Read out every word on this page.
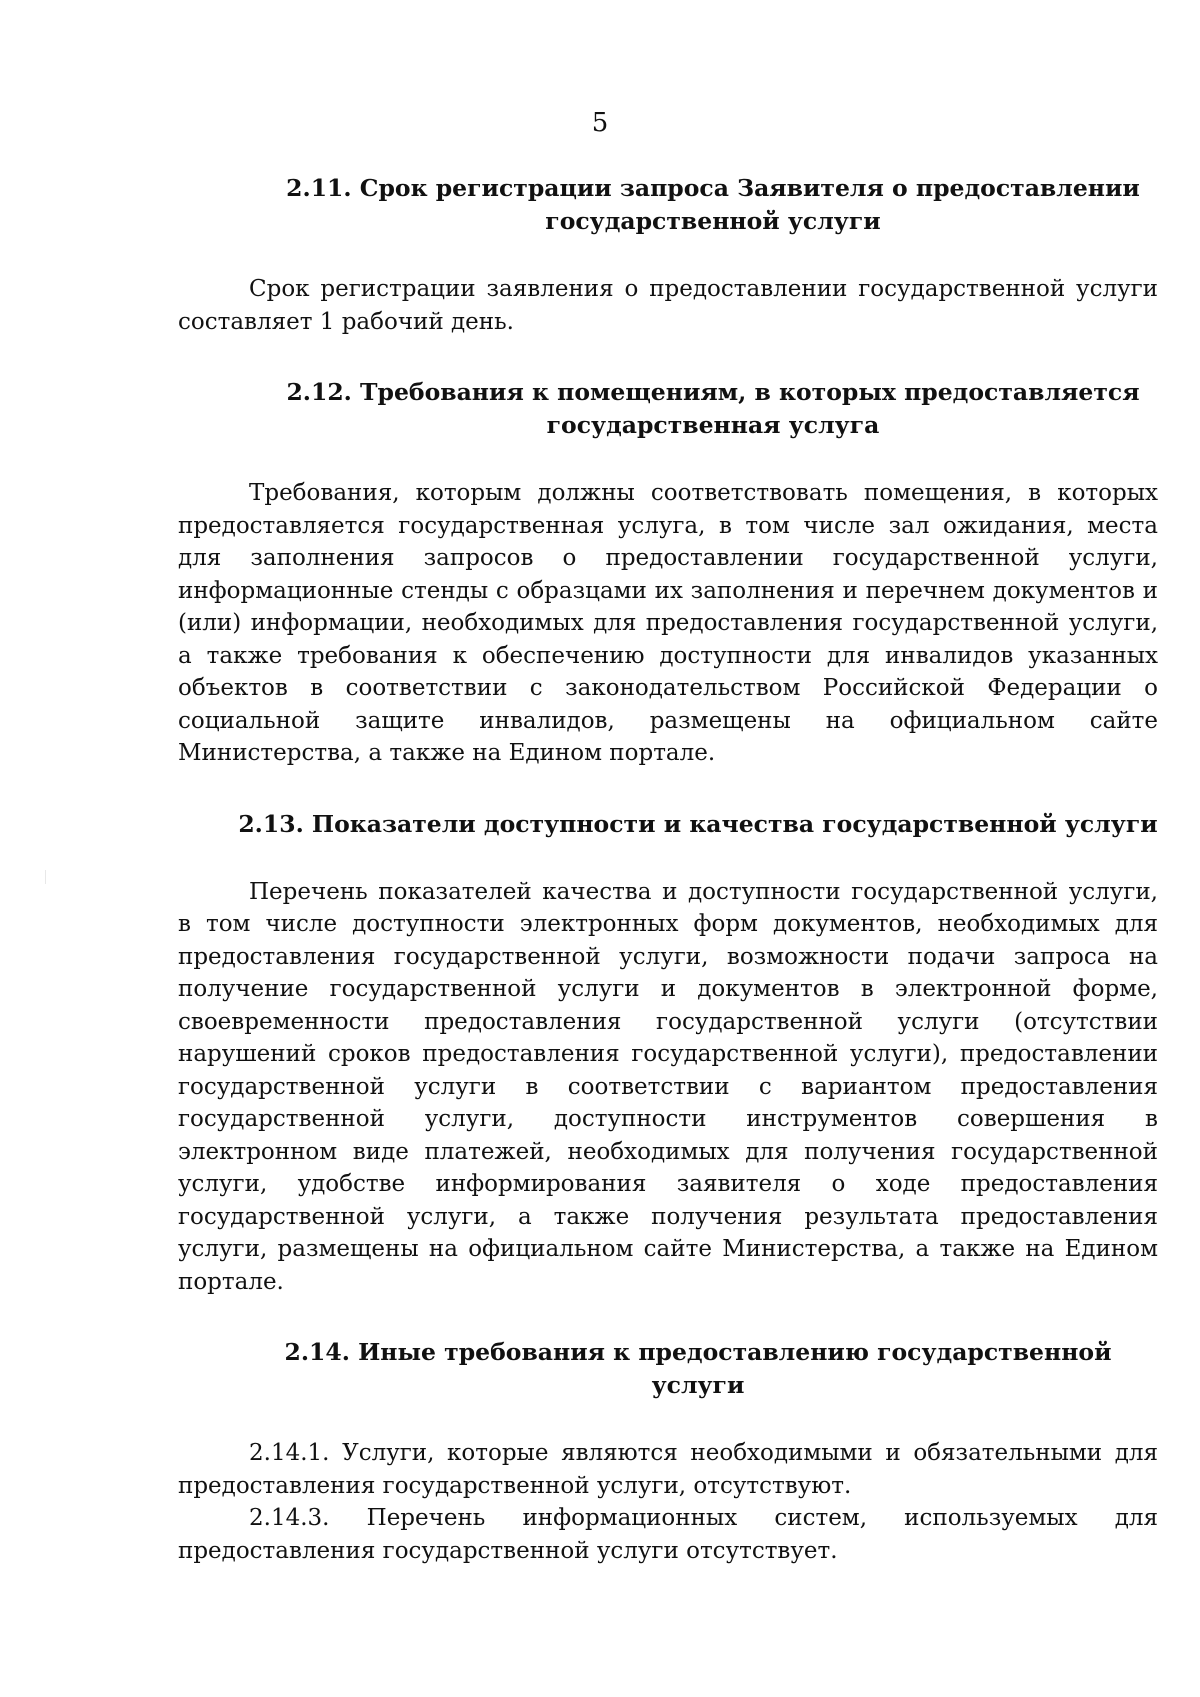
5

2.11. Срок регистрации запроса Заявителя о предоставлении
государственной услуги

Срок регистрации заявления о предоставлении государственной услуги составляет 1 рабочий день.

2.12. Требования к помещениям, в которых предоставляется
государственная услуга

Требования, которым должны соответствовать помещения, в которых предоставляется государственная услуга, в том числе зал ожидания, места для заполнения запросов о предоставлении государственной услуги, информационные стенды с образцами их заполнения и перечнем документов и (или) информации, необходимых для предоставления государственной услуги, а также требования к обеспечению доступности для инвалидов указанных объектов в соответствии с законодательством Российской Федерации о социальной защите инвалидов, размещены на официальном сайте Министерства, а также на Едином портале.

2.13. Показатели доступности и качества государственной услуги

Перечень показателей качества и доступности государственной услуги, в том числе доступности электронных форм документов, необходимых для предоставления государственной услуги, возможности подачи запроса на получение государственной услуги и документов в электронной форме, своевременности предоставления государственной услуги (отсутствии нарушений сроков предоставления государственной услуги), предоставлении государственной услуги в соответствии с вариантом предоставления государственной услуги, доступности инструментов совершения в электронном виде платежей, необходимых для получения государственной услуги, удобстве информирования заявителя о ходе предоставления государственной услуги, а также получения результата предоставления услуги, размещены на официальном сайте Министерства, а также на Едином портале.

2.14. Иные требования к предоставлению государственной услуги

2.14.1. Услуги, которые являются необходимыми и обязательными для предоставления государственной услуги, отсутствуют.

2.14.3. Перечень информационных систем, используемых для предоставления государственной услуги отсутствует.
